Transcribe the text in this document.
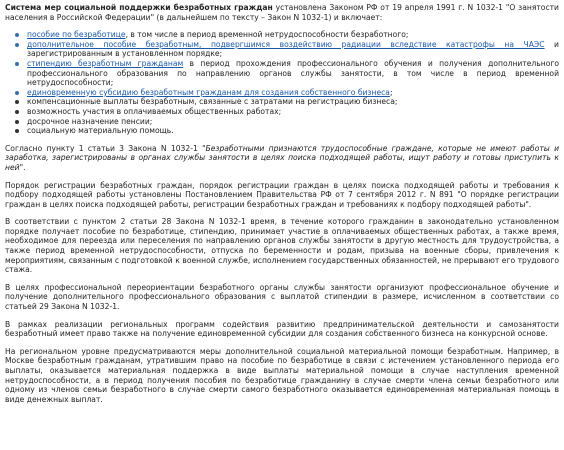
Система мер социальной поддержки безработных граждан установлена Законом РФ от 19 апреля 1991 г. N 1032-1 "О занятости населения в Российской Федерации" (в дальнейшем по тексту – Закон N 1032-1) и включает:

пособие по безработице, в том числе в период временной нетрудоспособности безработного;
дополнительное пособие безработным, подвергшимся воздействию радиации вследствие катастрофы на ЧАЭС и зарегистрированным в установленном порядке;
стипендию безработным гражданам в период прохождения профессионального обучения и получения дополнительного профессионального образования по направлению органов службы занятости, в том числе в период временной нетрудоспособности;
единовременную субсидию безработным гражданам для создания собственного бизнеса;
компенсационные выплаты безработным, связанные с затратами на регистрацию бизнеса;
возможность участия в оплачиваемых общественных работах;
досрочное назначение пенсии;
социальную материальную помощь.

Согласно пункту 1 статьи 3 Закона N 1032-1 "Безработными признаются трудоспособные граждане, которые не имеют работы и заработка, зарегистрированы в органах службы занятости в целях поиска подходящей работы, ищут работу и готовы приступить к ней".

Порядок регистрации безработных граждан, порядок регистрации граждан в целях поиска подходящей работы и требования к подбору подходящей работы установлены Постановлением Правительства РФ от 7 сентября 2012 г. N 891 "О порядке регистрации граждан в целях поиска подходящей работы, регистрации безработных граждан и требованиях к подбору подходящей работы".

В соответствии с пунктом 2 статьи 28 Закона N 1032-1 время, в течение которого гражданин в законодательно установленном порядке получает пособие по безработице, стипендию, принимает участие в оплачиваемых общественных работах, а также время, необходимое для переезда или переселения по направлению органов службы занятости в другую местность для трудоустройства, а также период временной нетрудоспособности, отпуска по беременности и родам, призыва на военные сборы, привлечения к мероприятиям, связанным с подготовкой к военной службе, исполнением государственных обязанностей, не прерывают его трудового стажа.

В целях профессиональной переориентации безработного органы службы занятости организуют профессиональное обучение и получение дополнительного профессионального образования с выплатой стипендии в размере, исчисленном в соответствии со статьей 29 Закона N 1032-1.

В рамках реализации региональных программ содействия развитию предпринимательской деятельности и самозанятости безработный имеет право также на получение единовременной субсидии для создания собственного бизнеса на конкурсной основе.

На региональном уровне предусматриваются меры дополнительной социальной материальной помощи безработным. Например, в Москве безработным гражданам, утратившим право на пособие по безработице в связи с истечением установленного периода его выплаты, оказывается материальная поддержка в виде выплаты материальной помощи в случае наступления временной нетрудоспособности, а в период получения пособия по безработице гражданину в случае смерти члена семьи безработного или одному из членов семьи безработного в случае смерти самого безработного оказывается единовременная материальная помощь в виде денежных выплат.
